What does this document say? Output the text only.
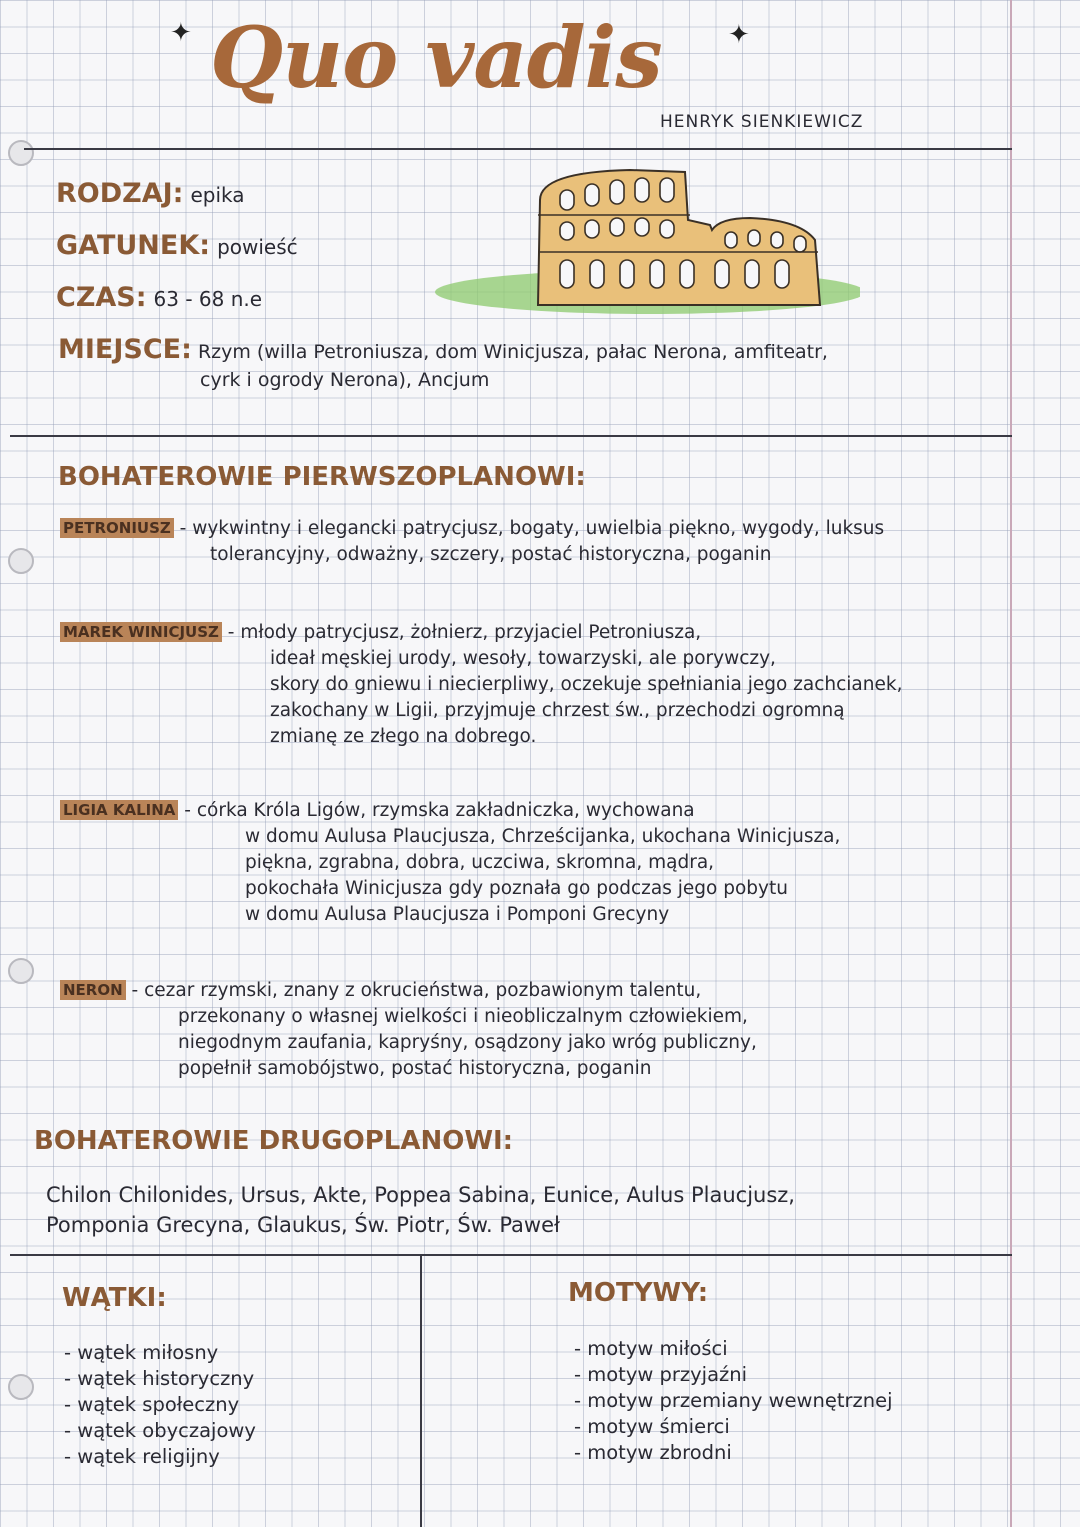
✦	✦
Quo vadis
HENRYK SIENKIEWICZ
RODZAJ: epika
GATUNEK: powieść
CZAS: 63 - 68 n.e
MIEJSCE: Rzym (willa Petroniusza, dom Winicjusza, pałac Nerona, amfiteatr,
cyrk i ogrody Nerona), Ancjum
BOHATEROWIE PIERWSZOPLANOWI:
PETRONIUSZ - wykwintny i elegancki patrycjusz, bogaty, uwielbia piękno, wygody, luksus
tolerancyjny, odważny, szczery, postać historyczna, poganin
MAREK WINICJUSZ - młody patrycjusz, żołnierz, przyjaciel Petroniusza,
ideał męskiej urody, wesoły, towarzyski, ale porywczy,
skory do gniewu i niecierpliwy, oczekuje spełniania jego zachcianek,
zakochany w Ligii, przyjmuje chrzest św., przechodzi ogromną
zmianę ze złego na dobrego.
LIGIA KALINA - córka Króla Ligów, rzymska zakładniczka, wychowana
w domu Aulusa Plaucjusza, Chrześcijanka, ukochana Winicjusza,
piękna, zgrabna, dobra, uczciwa, skromna, mądra,
pokochała Winicjusza gdy poznała go podczas jego pobytu
w domu Aulusa Plaucjusza i Pomponi Grecyny
NERON - cezar rzymski, znany z okrucieństwa, pozbawionym talentu,
przekonany o własnej wielkości i nieobliczalnym człowiekiem,
niegodnym zaufania, kapryśny, osądzony jako wróg publiczny,
popełnił samobójstwo, postać historyczna, poganin
BOHATEROWIE DRUGOPLANOWI:
Chilon Chilonides, Ursus, Akte, Poppea Sabina, Eunice, Aulus Plaucjusz,
Pomponia Grecyna, Glaukus, Św. Piotr, Św. Paweł
WĄTKI:
- wątek miłosny
- wątek historyczny
- wątek społeczny
- wątek obyczajowy
- wątek religijny
MOTYWY:
- motyw miłości
- motyw przyjaźni
- motyw przemiany wewnętrznej
- motyw śmierci
- motyw zbrodni
